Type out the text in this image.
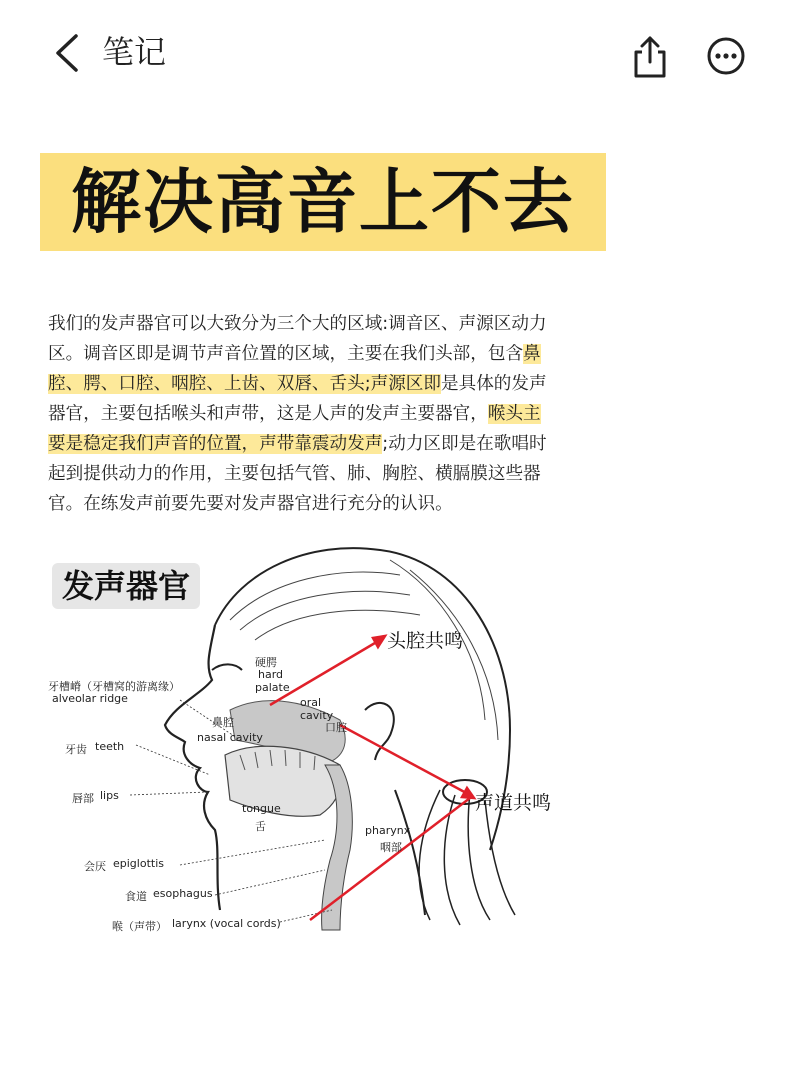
笔记
解决高音上不去
我们的发声器官可以大致分为三个大的区域:调音区、声源区动力区。调音区即是调节声音位置的区域，主要在我们头部，包含鼻腔、腭、口腔、咽腔、上齿、双唇、舌头;声源区即是具体的发声器官，主要包括喉头和声带，这是人声的发声主要器官，喉头主要是稳定我们声音的位置，声带靠震动发声;动力区即是在歌唱时起到提供动力的作用，主要包括气管、肺、胸腔、横膈膜这些器官。在练发声前要先要对发声器官进行充分的认识。
发声器官
头腔共鸣
声道共鸣
硬腭
hard
palate
牙槽嵴（牙槽窝的游离缘）
alveolar ridge
鼻腔
nasal cavity
oral
cavity
口腔
牙齿 teeth
唇部 lips
tongue
舌	pharynx
咽部
会厌 epiglottis
食道 esophagus
喉（声带） larynx (vocal cords)
